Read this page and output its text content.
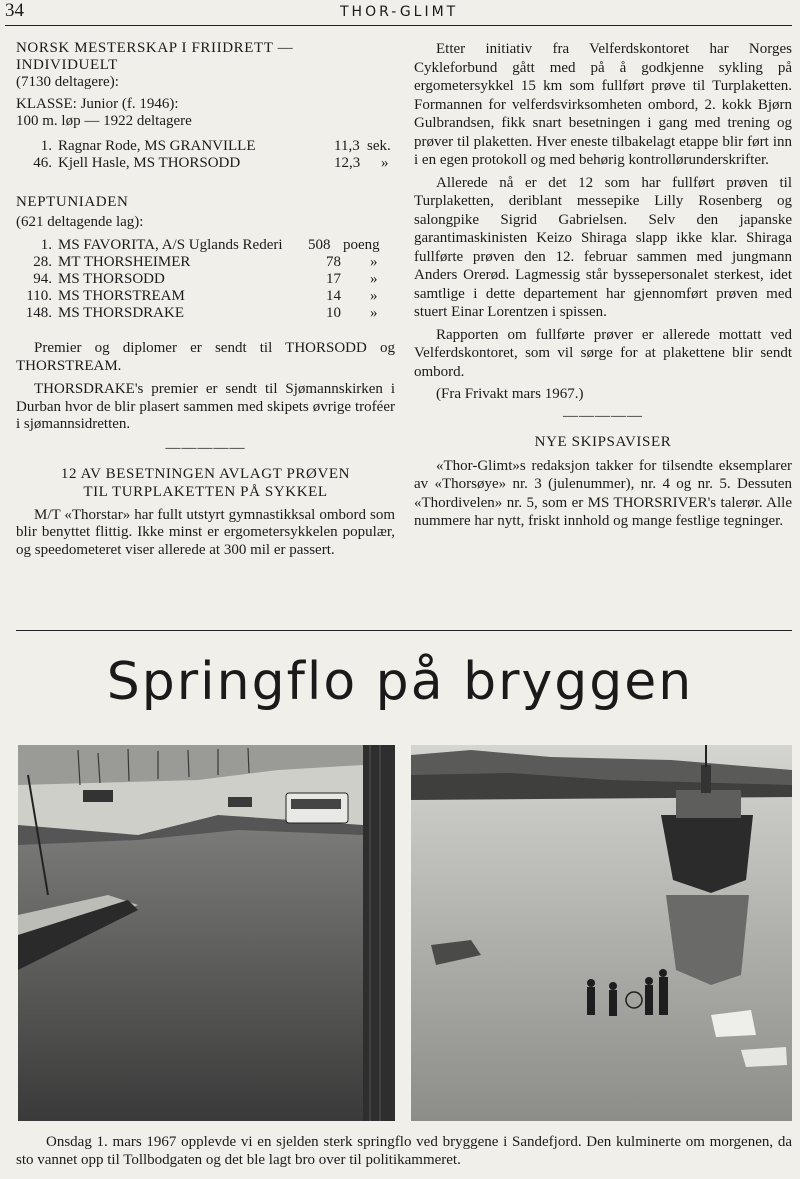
34	THOR-GLIMT
NORSK MESTERSKAP I FRIIDRETT —
INDIVIDUELT

(7130 deltagere):

KLASSE: Junior (f. 1946):

100 m. løp — 1922 deltagere

1. Ragnar Rode, MS GRANVILLE	11,3 sek.
46. Kjell Hasle, MS THORSODD	12,3 »
NEPTUNIADEN

(621 deltagende lag):

1. MS FAVORITA, A/S Uglands Rederi 508 poeng
28. MT THORSHEIMER	78 »
94. MS THORSODD	17 »
110. MS THORSTREAM	14 »
148. MS THORSDRAKE	10 »

Premier og diplomer er sendt til THORSODD og THORSTREAM.

THORSDRAKE's premier er sendt til Sjømannskirken i Durban hvor de blir plasert sammen med skipets øvrige troféer i sjømannsidretten.

—————
12 AV BESETNINGEN AVLAGT PRØVEN
TIL TURPLAKETTEN PÅ SYKKEL

M/T «Thorstar» har fullt utstyrt gymnastikksal ombord som blir benyttet flittig. Ikke minst er ergometersykkelen populær, og speedometeret viser allerede at 300 mil er passert.

Etter initiativ fra Velferdskontoret har Norges Cykleforbund gått med på å godkjenne sykling på ergometersykkel 15 km som fullført prøve til Turplaketten. Formannen for velferdsvirksomheten ombord, 2. kokk Bjørn Gulbrandsen, fikk snart besetningen i gang med trening og prøver til plaketten. Hver eneste tilbakelagt etappe blir ført inn i en egen protokoll og med behørig kontrollørunderskrifter.

Allerede nå er det 12 som har fullført prøven til Turplaketten, deriblant messepike Lilly Rosenberg og salongpike Sigrid Gabrielsen. Selv den japanske garantimaskinisten Keizo Shiraga slapp ikke klar. Shiraga fullførte prøven den 12. februar sammen med jungmann Anders Orerød. Lagmessig står byssepersonalet sterkest, idet samtlige i dette departement har gjennomført prøven med stuert Einar Lorentzen i spissen.

Rapporten om fullførte prøver er allerede mottatt ved Velferdskontoret, som vil sørge for at plakettene blir sendt ombord.

(Fra Frivakt mars 1967.)

—————
NYE SKIPSAVISER

«Thor-Glimt»s redaksjon takker for tilsendte eksemplarer av «Thorsøye» nr. 3 (julenummer), nr. 4 og nr. 5. Dessuten «Thordivelen» nr. 5, som er MS THORSRIVER's talerør. Alle nummere har nytt, friskt innhold og mange festlige tegninger.

Springflo på bryggen
Onsdag 1. mars 1967 opplevde vi en sjelden sterk springflo ved bryggene i Sandefjord. Den kulminerte om morgenen, da sto vannet opp til Tollbodgaten og det ble lagt bro over til politikammeret.
